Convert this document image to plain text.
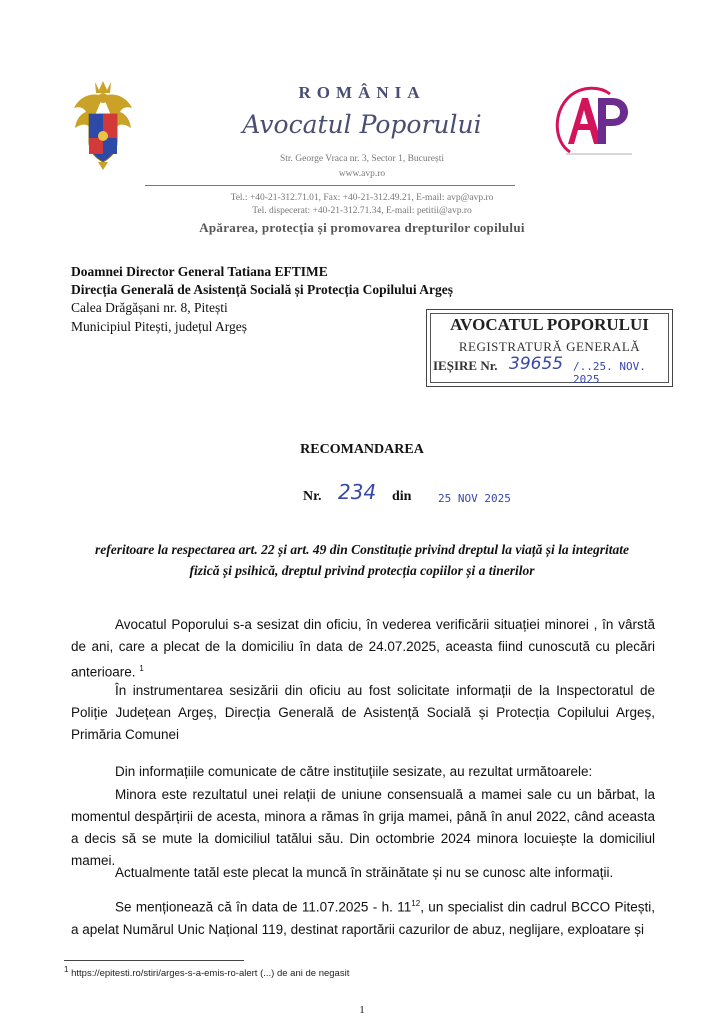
ROMÂNIA
Avocatul Poporului
Str. George Vraca nr. 3, Sector 1, București
www.avp.ro
Tel.: +40-21-312.71.01, Fax: +40-21-312.49.21, E-mail: avp@avp.ro
Tel. dispecerat: +40-21-312.71.34, E-mail: petitii@avp.ro
Apărarea, protecția și promovarea drepturilor copilului
Doamnei Director General Tatiana EFTIME
Direcția Generală de Asistență Socială și Protecția Copilului Argeș
Calea Drăgășani nr. 8, Pitești
Municipiul Pitești, județul Argeș	AVOCATUL POPORULUI
REGISTRATURĂ GENERALĂ
IEȘIRE Nr. 39655 /..25. NOV. 2025
RECOMANDAREA
Nr. 234 din 25 NOV 2025
referitoare la respectarea art. 22 și art. 49 din Constituție privind dreptul la viață și la integritate
fizică și psihică, dreptul privind protecția copiilor și a tinerilor
Avocatul Poporului s-a sesizat din oficiu, în vederea verificării situației minorei , în vârstă de ani, care a plecat de la domiciliu în data de 24.07.2025, aceasta fiind cunoscută cu plecări anterioare. $^1$
În instrumentarea sesizării din oficiu au fost solicitate informații de la Inspectoratul de Poliție Județean Argeș, Direcția Generală de Asistență Socială și Protecția Copilului Argeș, Primăria Comunei
Din informațiile comunicate de către instituțiile sesizate, au rezultat următoarele:
Minora este rezultatul unei relații de uniune consensuală a mamei sale cu un bărbat, la momentul despărțirii de acesta, minora a rămas în grija mamei, până în anul 2022, când aceasta a decis să se mute la domiciliul tatălui său. Din octombrie 2024 minora locuiește la domiciliul mamei.
Actualmente tatăl este plecat la muncă în străinătate și nu se cunosc alte informații.
Se menționează că în data de 11.07.2025 - h. $11^{12}$, un specialist din cadrul BCCO Pitești, a apelat Numărul Unic Național 119, destinat raportării cazurilor de abuz, neglijare, exploatare și
$^1$ https://epitesti.ro/stiri/arges-s-a-emis-ro-alert (...) de ani de negasit
1
